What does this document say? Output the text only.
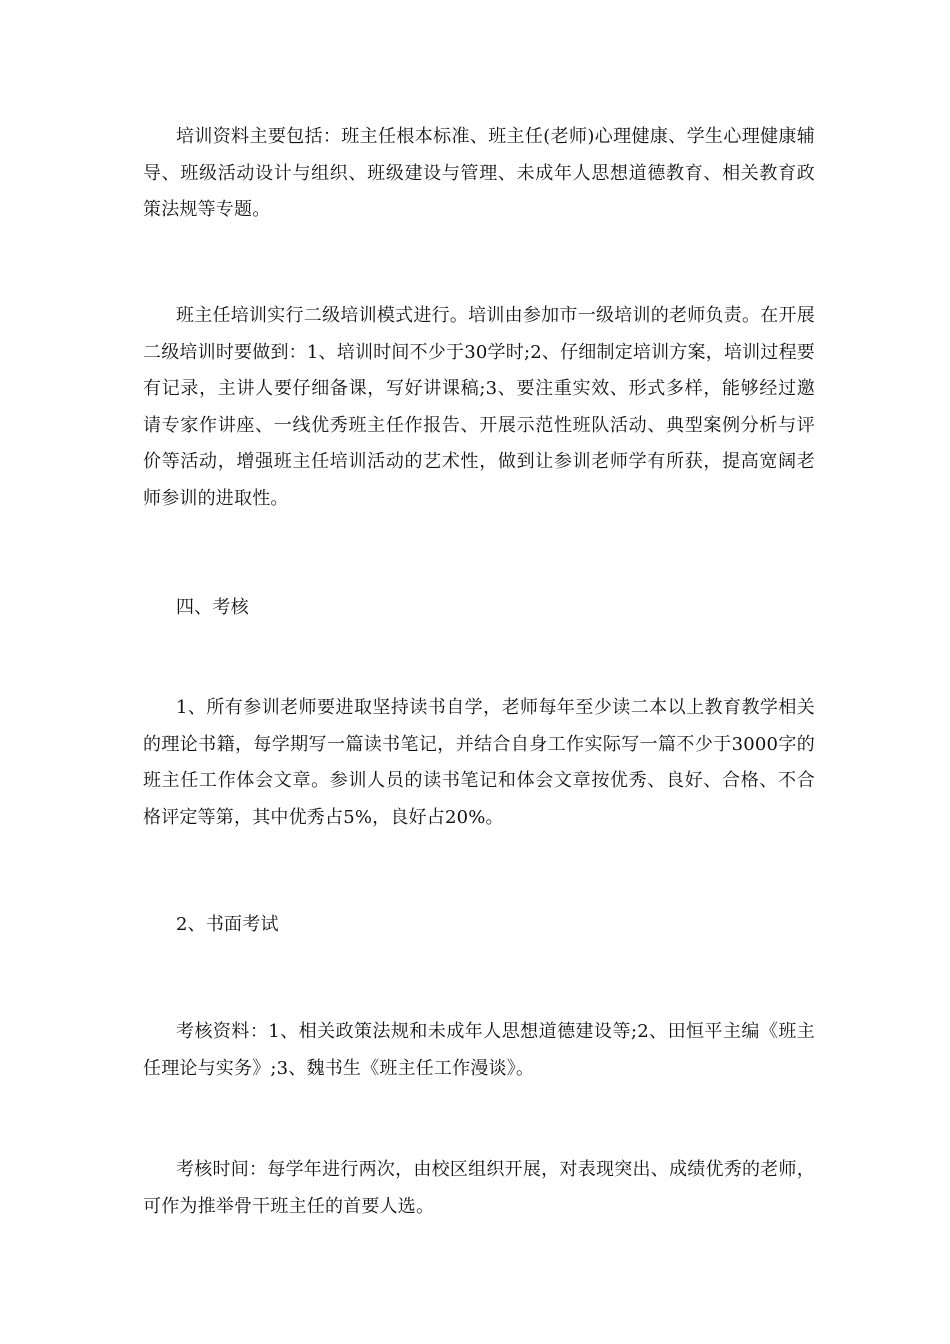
培训资料主要包括：班主任根本标准、班主任(老师)心理健康、学生心理健康辅导、班级活动设计与组织、班级建设与管理、未成年人思想道德教育、相关教育政策法规等专题。

班主任培训实行二级培训模式进行。培训由参加市一级培训的老师负责。在开展二级培训时要做到：1、培训时间不少于30学时;2、仔细制定培训方案，培训过程要有记录，主讲人要仔细备课，写好讲课稿;3、要注重实效、形式多样，能够经过邀请专家作讲座、一线优秀班主任作报告、开展示范性班队活动、典型案例分析与评价等活动，增强班主任培训活动的艺术性，做到让参训老师学有所获，提高宽阔老师参训的进取性。

四、考核

1、所有参训老师要进取坚持读书自学，老师每年至少读二本以上教育教学相关的理论书籍，每学期写一篇读书笔记，并结合自身工作实际写一篇不少于3000字的班主任工作体会文章。参训人员的读书笔记和体会文章按优秀、良好、合格、不合格评定等第，其中优秀占5%，良好占20%。

2、书面考试

考核资料：1、相关政策法规和未成年人思想道德建设等;2、田恒平主编《班主任理论与实务》;3、魏书生《班主任工作漫谈》。

考核时间：每学年进行两次，由校区组织开展，对表现突出、成绩优秀的老师，可作为推举骨干班主任的首要人选。
